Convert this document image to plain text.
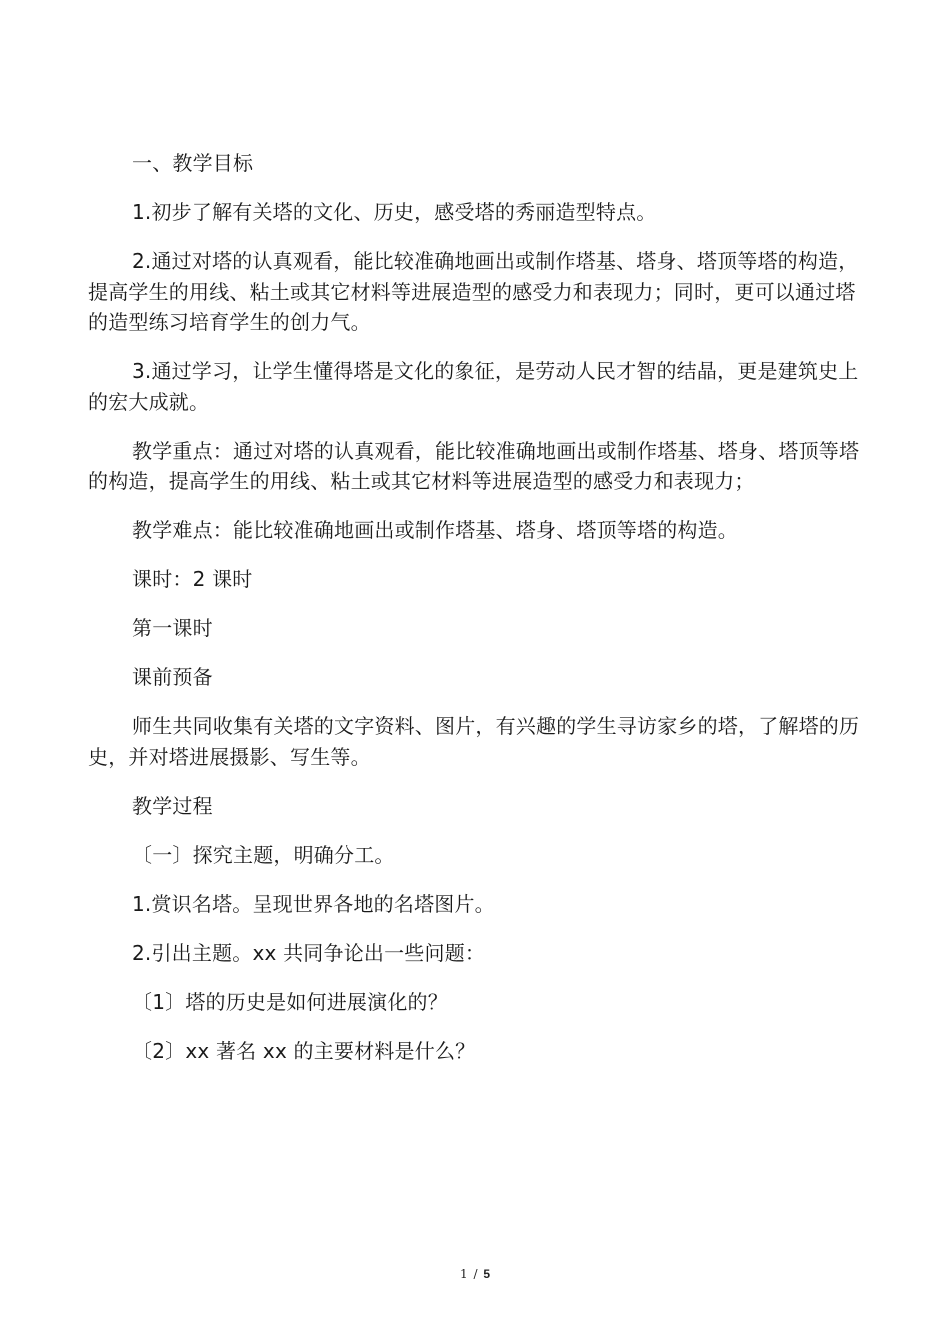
一、教学目标

1.初步了解有关塔的文化、历史，感受塔的秀丽造型特点。

2.通过对塔的认真观看，能比较准确地画出或制作塔基、塔身、塔顶等塔的构造，提高学生的用线、粘土或其它材料等进展造型的感受力和表现力；同时，更可以通过塔的造型练习培育学生的创力气。

3.通过学习，让学生懂得塔是文化的象征，是劳动人民才智的结晶，更是建筑史上的宏大成就。

教学重点：通过对塔的认真观看，能比较准确地画出或制作塔基、塔身、塔顶等塔的构造，提高学生的用线、粘土或其它材料等进展造型的感受力和表现力；

教学难点：能比较准确地画出或制作塔基、塔身、塔顶等塔的构造。

课时：2 课时

第一课时

课前预备

师生共同收集有关塔的文字资料、图片，有兴趣的学生寻访家乡的塔，了解塔的历史，并对塔进展摄影、写生等。

教学过程

〔一〕探究主题，明确分工。

1.赏识名塔。呈现世界各地的名塔图片。

2.引出主题。xx 共同争论出一些问题：

〔1〕塔的历史是如何进展演化的？

〔2〕xx 著名 xx 的主要材料是什么？

1 / 5
